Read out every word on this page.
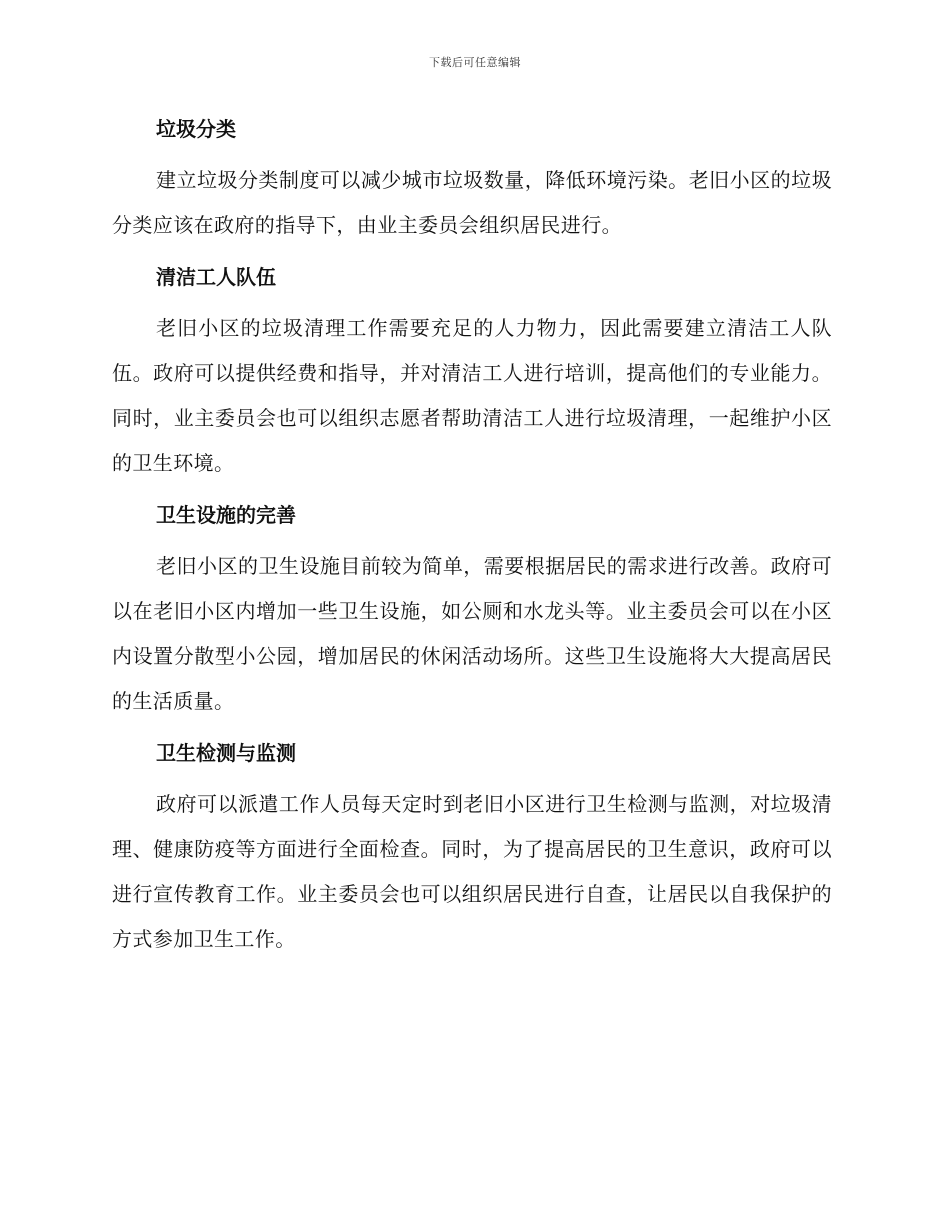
下载后可任意编辑
垃圾分类

建立垃圾分类制度可以减少城市垃圾数量，降低环境污染。老旧小区的垃圾分类应该在政府的指导下，由业主委员会组织居民进行。

清洁工人队伍

老旧小区的垃圾清理工作需要充足的人力物力，因此需要建立清洁工人队伍。政府可以提供经费和指导，并对清洁工人进行培训，提高他们的专业能力。同时，业主委员会也可以组织志愿者帮助清洁工人进行垃圾清理，一起维护小区的卫生环境。

卫生设施的完善

老旧小区的卫生设施目前较为简单，需要根据居民的需求进行改善。政府可以在老旧小区内增加一些卫生设施，如公厕和水龙头等。业主委员会可以在小区内设置分散型小公园，增加居民的休闲活动场所。这些卫生设施将大大提高居民的生活质量。

卫生检测与监测

政府可以派遣工作人员每天定时到老旧小区进行卫生检测与监测，对垃圾清理、健康防疫等方面进行全面检查。同时，为了提高居民的卫生意识，政府可以进行宣传教育工作。业主委员会也可以组织居民进行自查，让居民以自我保护的方式参加卫生工作。
